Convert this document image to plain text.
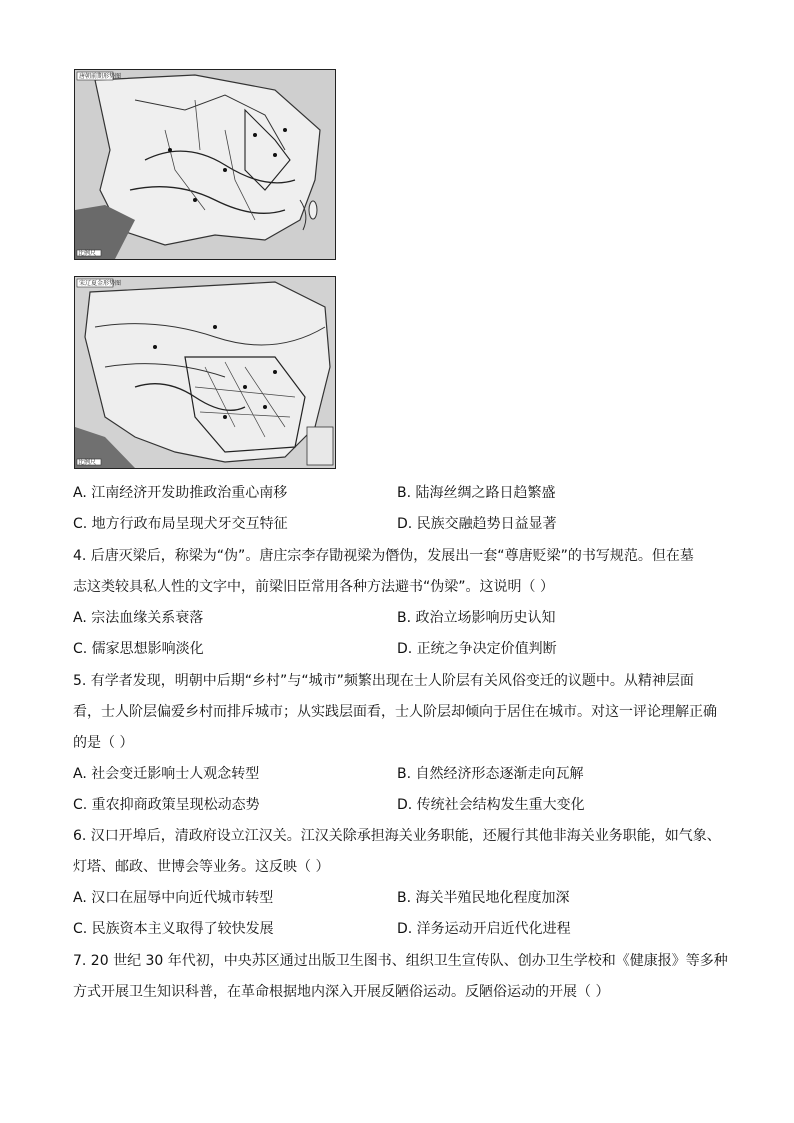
唐朝前期形势图
比例尺
宋辽夏金形势图
比例尺
A. 江南经济开发助推政治重心南移	B. 陆海丝绸之路日趋繁盛
C. 地方行政布局呈现犬牙交互特征	D. 民族交融趋势日益显著
4. 后唐灭梁后，称梁为“伪”。唐庄宗李存勖视梁为僭伪，发展出一套“尊唐贬梁”的书写规范。但在墓
志这类较具私人性的文字中，前梁旧臣常用各种方法避书“伪梁”。这说明（ ）
A. 宗法血缘关系衰落	B. 政治立场影响历史认知
C. 儒家思想影响淡化	D. 正统之争决定价值判断
5. 有学者发现，明朝中后期“乡村”与“城市”频繁出现在士人阶层有关风俗变迁的议题中。从精神层面
看，士人阶层偏爱乡村而排斥城市；从实践层面看，士人阶层却倾向于居住在城市。对这一评论理解正确
的是（ ）
A. 社会变迁影响士人观念转型	B. 自然经济形态逐渐走向瓦解
C. 重农抑商政策呈现松动态势	D. 传统社会结构发生重大变化
6. 汉口开埠后，清政府设立江汉关。江汉关除承担海关业务职能，还履行其他非海关业务职能，如气象、
灯塔、邮政、世博会等业务。这反映（ ）
A. 汉口在屈辱中向近代城市转型	B. 海关半殖民地化程度加深
C. 民族资本主义取得了较快发展	D. 洋务运动开启近代化进程
7. 20 世纪 30 年代初，中央苏区通过出版卫生图书、组织卫生宣传队、创办卫生学校和《健康报》等多种
方式开展卫生知识科普，在革命根据地内深入开展反陋俗运动。反陋俗运动的开展（ ）
